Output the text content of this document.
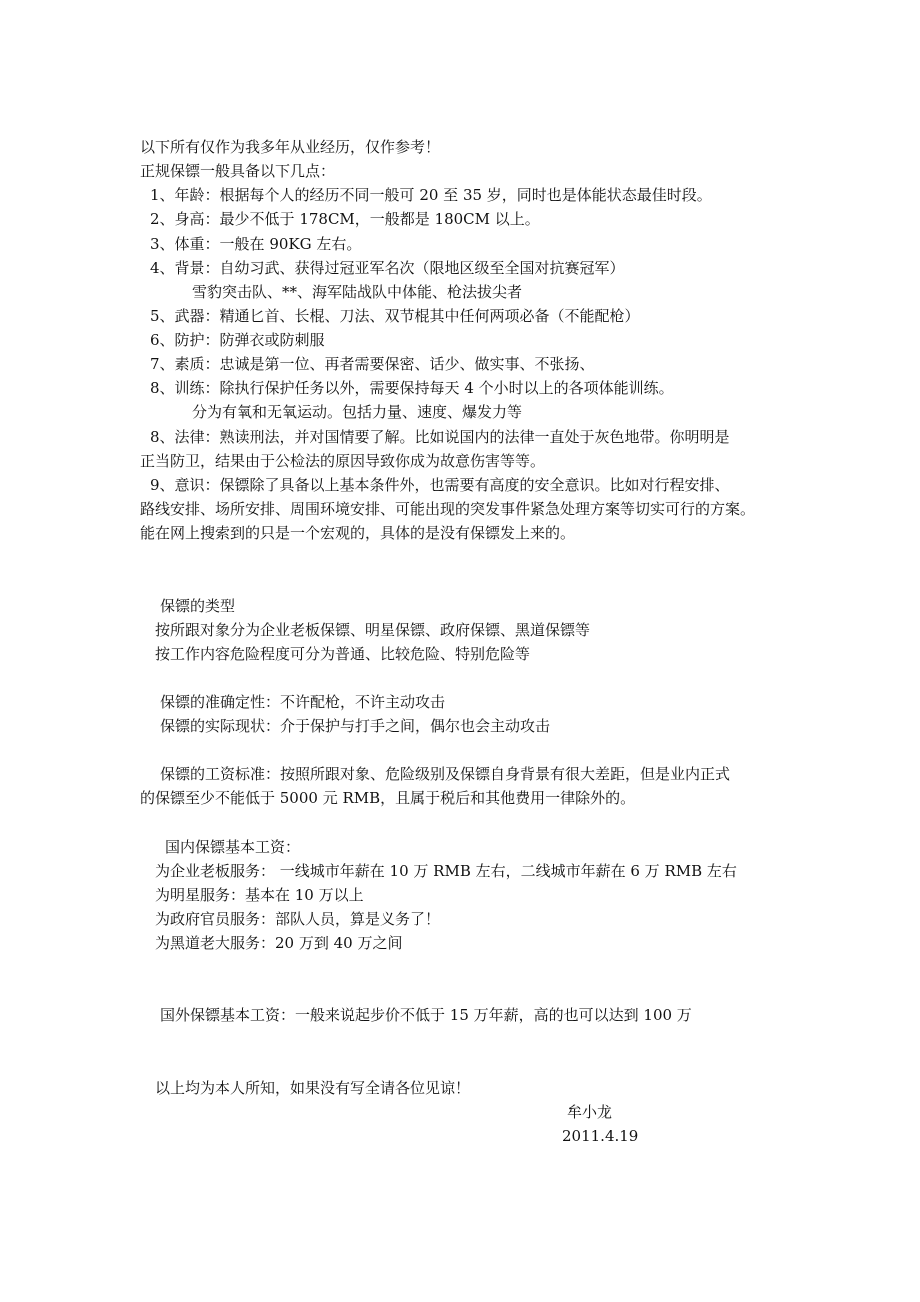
以下所有仅作为我多年从业经历，仅作参考！
正规保镖一般具备以下几点：
1、年龄：根据每个人的经历不同一般可 20 至 35 岁，同时也是体能状态最佳时段。
2、身高：最少不低于 178CM，一般都是 180CM 以上。
3、体重：一般在 90KG 左右。
4、背景：自幼习武、获得过冠亚军名次（限地区级至全国对抗赛冠军）
雪豹突击队、**、海军陆战队中体能、枪法拔尖者
5、武器：精通匕首、长棍、刀法、双节棍其中任何两项必备（不能配枪）
6、防护：防弹衣或防刺服
7、素质：忠诚是第一位、再者需要保密、话少、做实事、不张扬、
8、训练：除执行保护任务以外，需要保持每天 4 个小时以上的各项体能训练。
分为有氧和无氧运动。包括力量、速度、爆发力等
8、法律：熟读刑法，并对国情要了解。比如说国内的法律一直处于灰色地带。你明明是
正当防卫，结果由于公检法的原因导致你成为故意伤害等等。
9、意识：保镖除了具备以上基本条件外，也需要有高度的安全意识。比如对行程安排、
路线安排、场所安排、周围环境安排、可能出现的突发事件紧急处理方案等切实可行的方案。
能在网上搜索到的只是一个宏观的，具体的是没有保镖发上来的。
保镖的类型
按所跟对象分为企业老板保镖、明星保镖、政府保镖、黑道保镖等
按工作内容危险程度可分为普通、比较危险、特别危险等
保镖的准确定性：不许配枪，不许主动攻击
保镖的实际现状：介于保护与打手之间，偶尔也会主动攻击
保镖的工资标准：按照所跟对象、危险级别及保镖自身背景有很大差距，但是业内正式
的保镖至少不能低于 5000 元 RMB，且属于税后和其他费用一律除外的。
国内保镖基本工资：
为企业老板服务： 一线城市年薪在 10 万 RMB 左右，二线城市年薪在 6 万 RMB 左右
为明星服务：基本在 10 万以上
为政府官员服务：部队人员，算是义务了！
为黑道老大服务：20 万到 40 万之间
国外保镖基本工资：一般来说起步价不低于 15 万年薪，高的也可以达到 100 万
以上均为本人所知，如果没有写全请各位见谅！
牟小龙
2011.4.19
